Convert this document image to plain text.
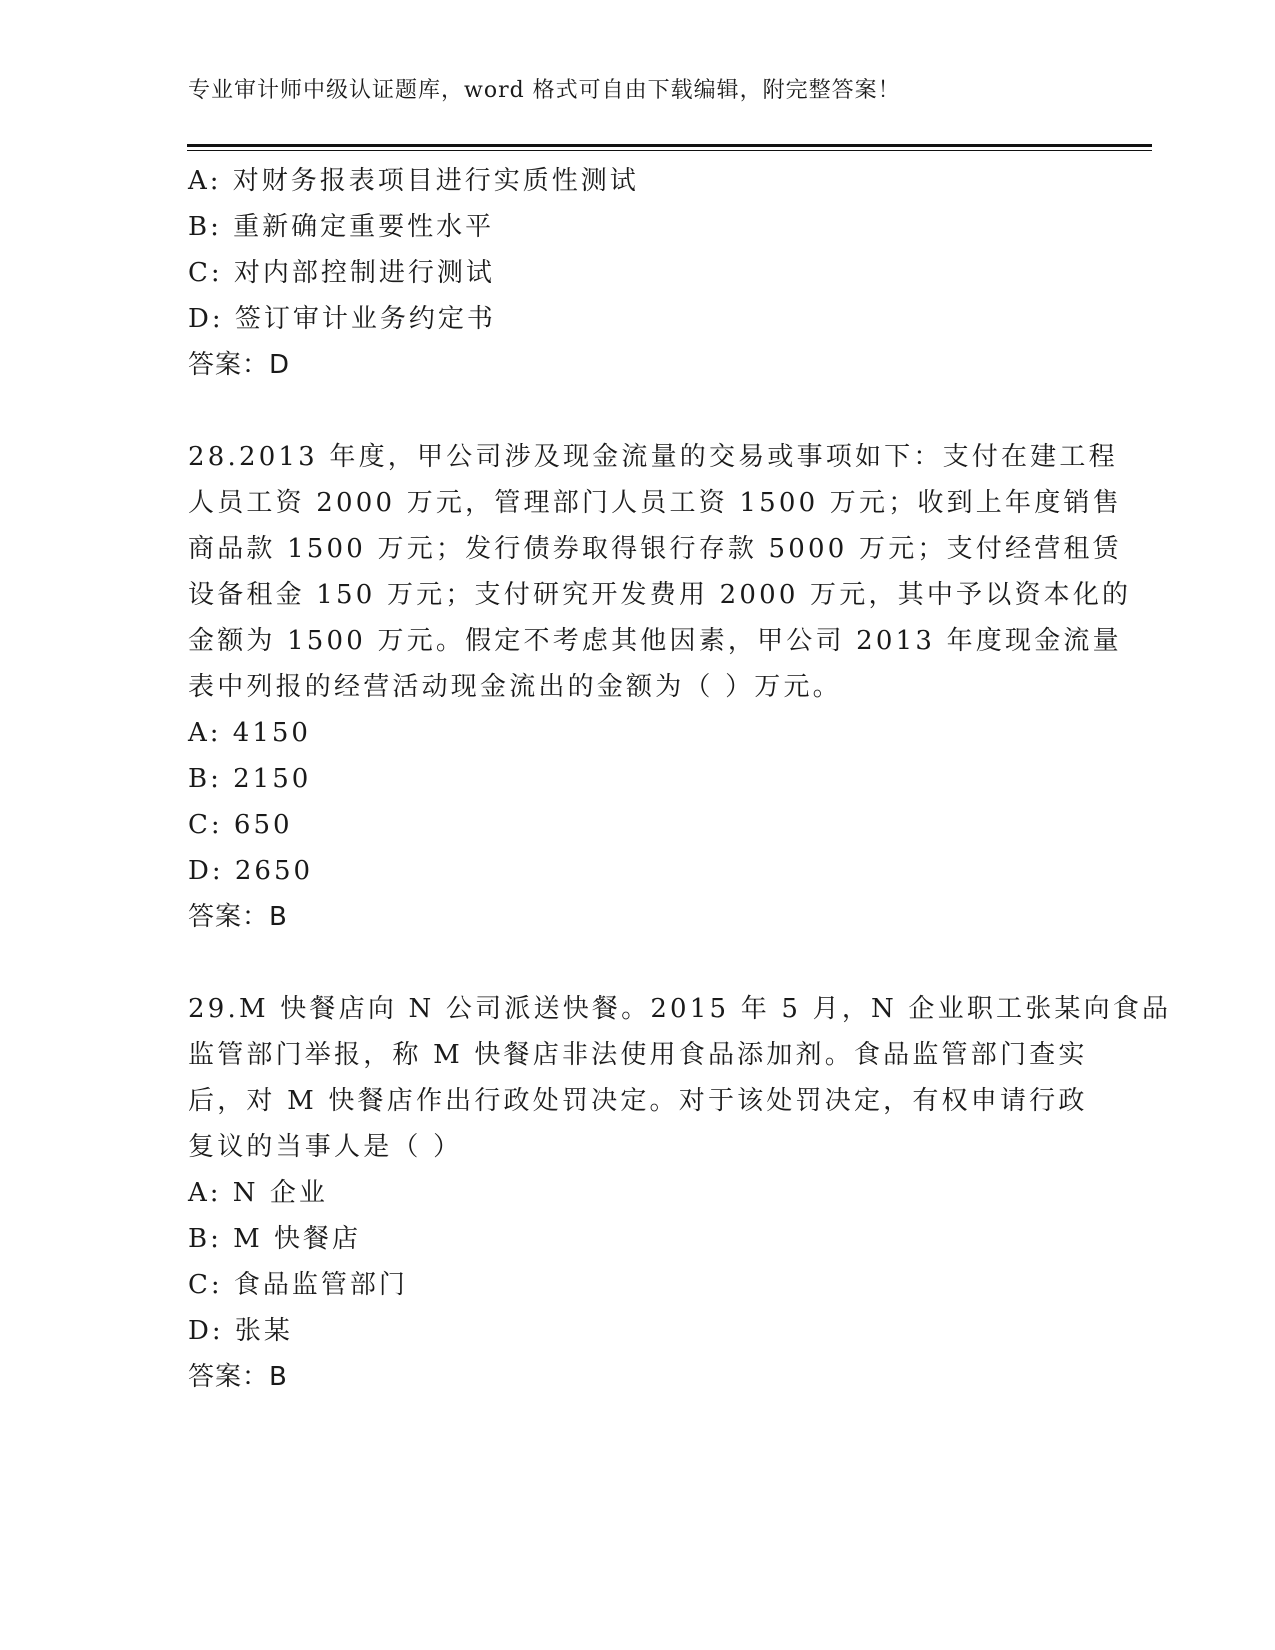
专业审计师中级认证题库，word 格式可自由下载编辑，附完整答案！
A: 对财务报表项目进行实质性测试
B: 重新确定重要性水平
C: 对内部控制进行测试
D: 签订审计业务约定书
答案：D
28.2013 年度，甲公司涉及现金流量的交易或事项如下：支付在建工程
人员工资 2000 万元，管理部门人员工资 1500 万元；收到上年度销售
商品款 1500 万元；发行债券取得银行存款 5000 万元；支付经营租赁
设备租金 150 万元；支付研究开发费用 2000 万元，其中予以资本化的
金额为 1500 万元。假定不考虑其他因素，甲公司 2013 年度现金流量
表中列报的经营活动现金流出的金额为（ ）万元。
A: 4150
B: 2150
C: 650
D: 2650
答案：B
29.M 快餐店向 N 公司派送快餐。2015 年 5 月，N 企业职工张某向食品
监管部门举报，称 M 快餐店非法使用食品添加剂。食品监管部门查实
后，对 M 快餐店作出行政处罚决定。对于该处罚决定，有权申请行政
复议的当事人是（ ）
A: N 企业
B: M 快餐店
C: 食品监管部门
D: 张某
答案：B
